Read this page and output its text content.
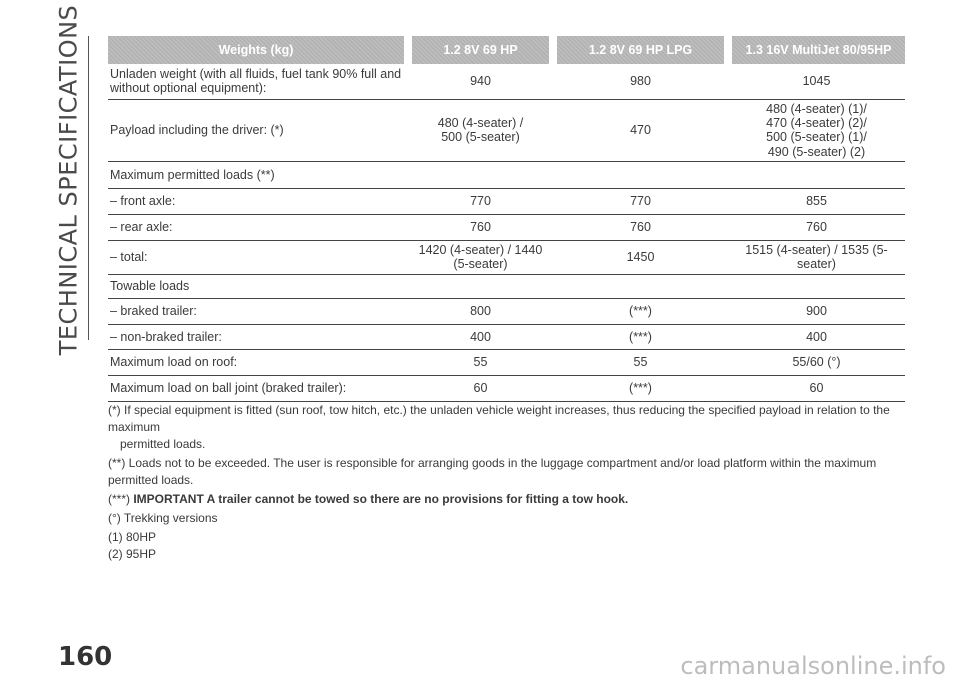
TECHNICAL SPECIFICATIONS	Weights (kg)	1.2 8V 69 HP	1.2 8V 69 HP LPG	1.3 16V MultiJet 80/95HP
Unladen weight (with all fluids, fuel tank 90% full and without optional equipment):	940	980	1045
Payload including the driver: (*)	480 (4-seater) / 500 (5-seater)	470	480 (4-seater) (1)/ 470 (4-seater) (2)/ 500 (5-seater) (1)/ 490 (5-seater) (2)
Maximum permitted loads (**)			
– front axle:	770	770	855
– rear axle:	760	760	760
– total:	1420 (4-seater) / 1440 (5-seater)	1450	1515 (4-seater) / 1535 (5-seater)
Towable loads			
– braked trailer:	800	(***)	900
– non-braked trailer:	400	(***)	400
Maximum load on roof:	55	55	55/60 (°)
Maximum load on ball joint (braked trailer):	60	(***)	60

(*) If special equipment is fitted (sun roof, tow hitch, etc.) the unladen vehicle weight increases, thus reducing the specified payload in relation to the maximum
permitted loads.

(**) Loads not to be exceeded. The user is responsible for arranging goods in the luggage compartment and/or load platform within the maximum permitted loads.

(***) IMPORTANT A trailer cannot be towed so there are no provisions for fitting a tow hook.

(°) Trekking versions

(1) 80HP

(2) 95HP

160	carmanualsonline.info
